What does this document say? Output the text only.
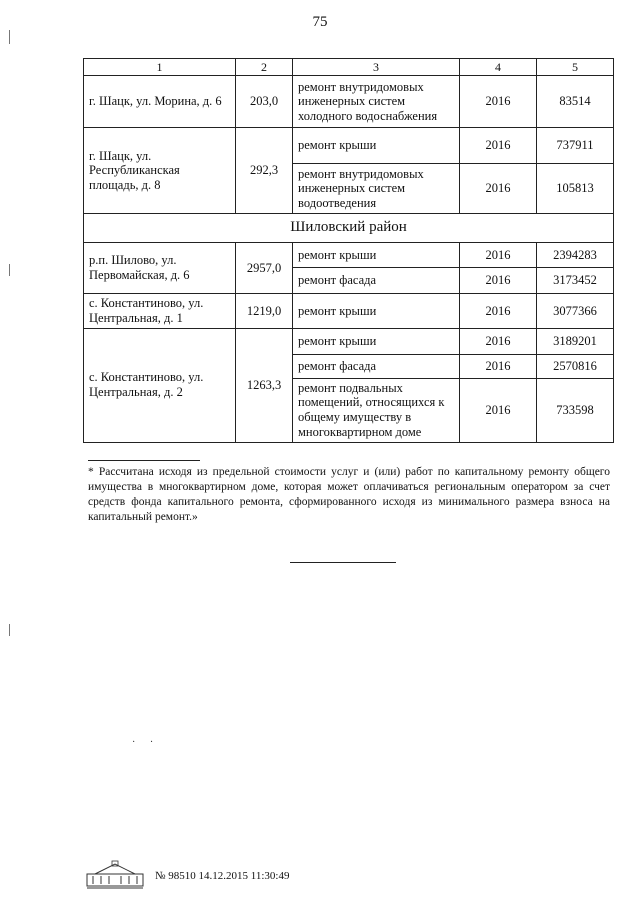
75
1	2	3	4	5
г. Шацк, ул. Морина, д. 6	203,0	ремонт внутридомовых инженерных систем холодного водоснабжения	2016	83514
г. Шацк, ул. Республиканская площадь, д. 8	292,3	ремонт крыши	2016	737911
		ремонт внутридомовых инженерных систем водоотведения	2016	105813
Шиловский район				
р.п. Шилово, ул. Первомайская, д. 6	2957,0	ремонт крыши	2016	2394283
		ремонт фасада	2016	3173452
с. Константиново, ул. Центральная, д. 1	1219,0	ремонт крыши	2016	3077366
с. Константиново, ул. Центральная, д. 2	1263,3	ремонт крыши	2016	3189201
		ремонт фасада	2016	2570816
		ремонт подвальных помещений, относящихся к общему имуществу в многоквартирном доме	2016	733598
* Рассчитана исходя из предельной стоимости услуг и (или) работ по капитальному ремонту общего имущества в многоквартирном доме, которая может оплачиваться региональным оператором за счет средств фонда капитального ремонта, сформированного исходя из минимального размера взноса на капитальный ремонт.»
· ·
№ 98510 14.12.2015 11:30:49
